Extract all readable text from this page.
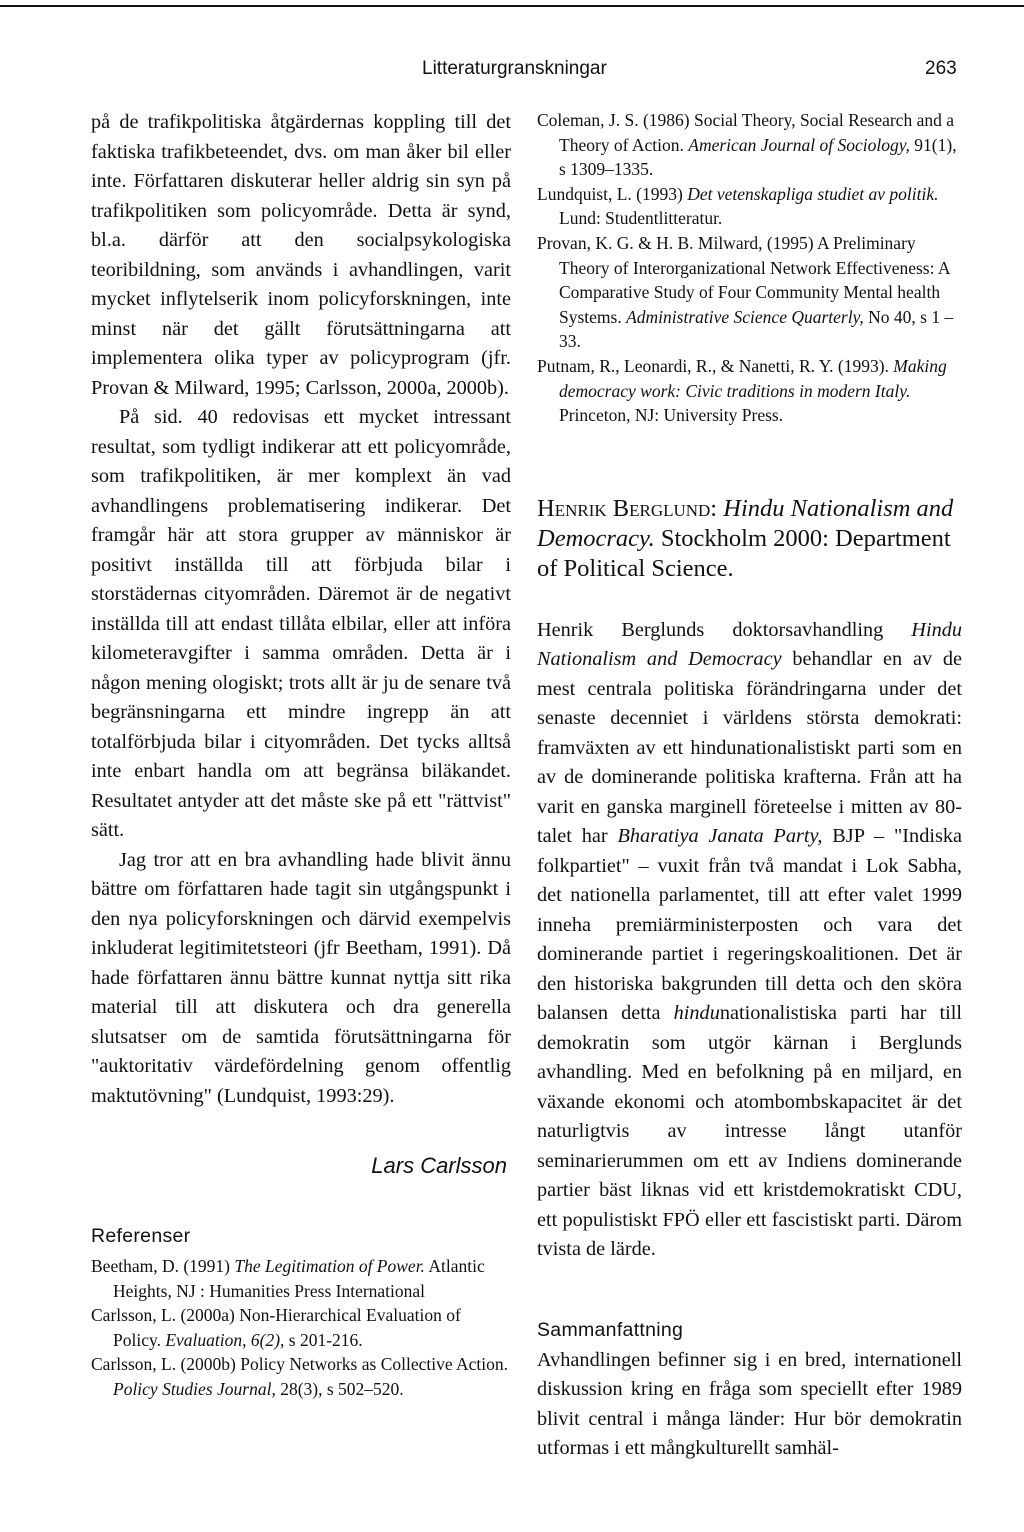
Litteraturgranskningar	263

på de trafikpolitiska åtgärdernas koppling till det faktiska trafikbeteendet, dvs. om man åker bil eller inte. Författaren diskuterar heller aldrig sin syn på trafikpolitiken som policyområde. Detta är synd, bl.a. därför att den socialpsykologiska teoribildning, som används i avhandlingen, varit mycket inflytelserik inom policyforskningen, inte minst när det gällt förutsättningarna att implementera olika typer av policyprogram (jfr. Provan & Milward, 1995; Carlsson, 2000a, 2000b).

På sid. 40 redovisas ett mycket intressant resultat, som tydligt indikerar att ett policyområde, som trafikpolitiken, är mer komplext än vad avhandlingens problematisering indikerar. Det framgår här att stora grupper av människor är positivt inställda till att förbjuda bilar i storstädernas cityområden. Däremot är de negativt inställda till att endast tillåta elbilar, eller att införa kilometeravgifter i samma områden. Detta är i någon mening ologiskt; trots allt är ju de senare två begränsningarna ett mindre ingrepp än att totalförbjuda bilar i cityområden. Det tycks alltså inte enbart handla om att begränsa biläkandet. Resultatet antyder att det måste ske på ett "rättvist" sätt.

Jag tror att en bra avhandling hade blivit ännu bättre om författaren hade tagit sin utgångspunkt i den nya policyforskningen och därvid exempelvis inkluderat legitimitetsteori (jfr Beetham, 1991). Då hade författaren ännu bättre kunnat nyttja sitt rika material till att diskutera och dra generella slutsatser om de samtida förutsättningarna för "auktoritativ värdefördelning genom offentlig maktutövning" (Lundquist, 1993:29).

Lars Carlsson
Referenser
Beetham, D. (1991) The Legitimation of Power. Atlantic Heights, NJ : Humanities Press International
Carlsson, L. (2000a) Non-Hierarchical Evaluation of Policy. Evaluation, 6(2), s 201-216.
Carlsson, L. (2000b) Policy Networks as Collective Action. Policy Studies Journal, 28(3), s 502–520.
Coleman, J. S. (1986) Social Theory, Social Research and a Theory of Action. American Journal of Sociology, 91(1), s 1309–1335.
Lundquist, L. (1993) Det vetenskapliga studiet av politik. Lund: Studentlitteratur.
Provan, K. G. & H. B. Milward, (1995) A Preliminary Theory of Interorganizational Network Effectiveness: A Comparative Study of Four Community Mental health Systems. Administrative Science Quarterly, No 40, s 1 – 33.
Putnam, R., Leonardi, R., & Nanetti, R. Y. (1993). Making democracy work: Civic traditions in modern Italy. Princeton, NJ: University Press.
Henrik Berglund: Hindu Nationalism and Democracy. Stockholm 2000: Department of Political Science.

Henrik Berglunds doktorsavhandling Hindu Nationalism and Democracy behandlar en av de mest centrala politiska förändringarna under det senaste decenniet i världens största demokrati: framväxten av ett hindunationalistiskt parti som en av de dominerande politiska krafterna. Från att ha varit en ganska marginell företeelse i mitten av 80-talet har Bharatiya Janata Party, BJP – "Indiska folkpartiet" – vuxit från två mandat i Lok Sabha, det nationella parlamentet, till att efter valet 1999 inneha premiärministerposten och vara det dominerande partiet i regeringskoalitionen. Det är den historiska bakgrunden till detta och den sköra balansen detta hindunationalistiska parti har till demokratin som utgör kärnan i Berglunds avhandling. Med en befolkning på en miljard, en växande ekonomi och atombombskapacitet är det naturligtvis av intresse långt utanför seminarierummen om ett av Indiens dominerande partier bäst liknas vid ett kristdemokratiskt CDU, ett populistiskt FPÖ eller ett fascistiskt parti. Därom tvista de lärde.

Sammanfattning

Avhandlingen befinner sig i en bred, internationell diskussion kring en fråga som speciellt efter 1989 blivit central i många länder: Hur bör demokratin utformas i ett mångkulturellt samhäl-
